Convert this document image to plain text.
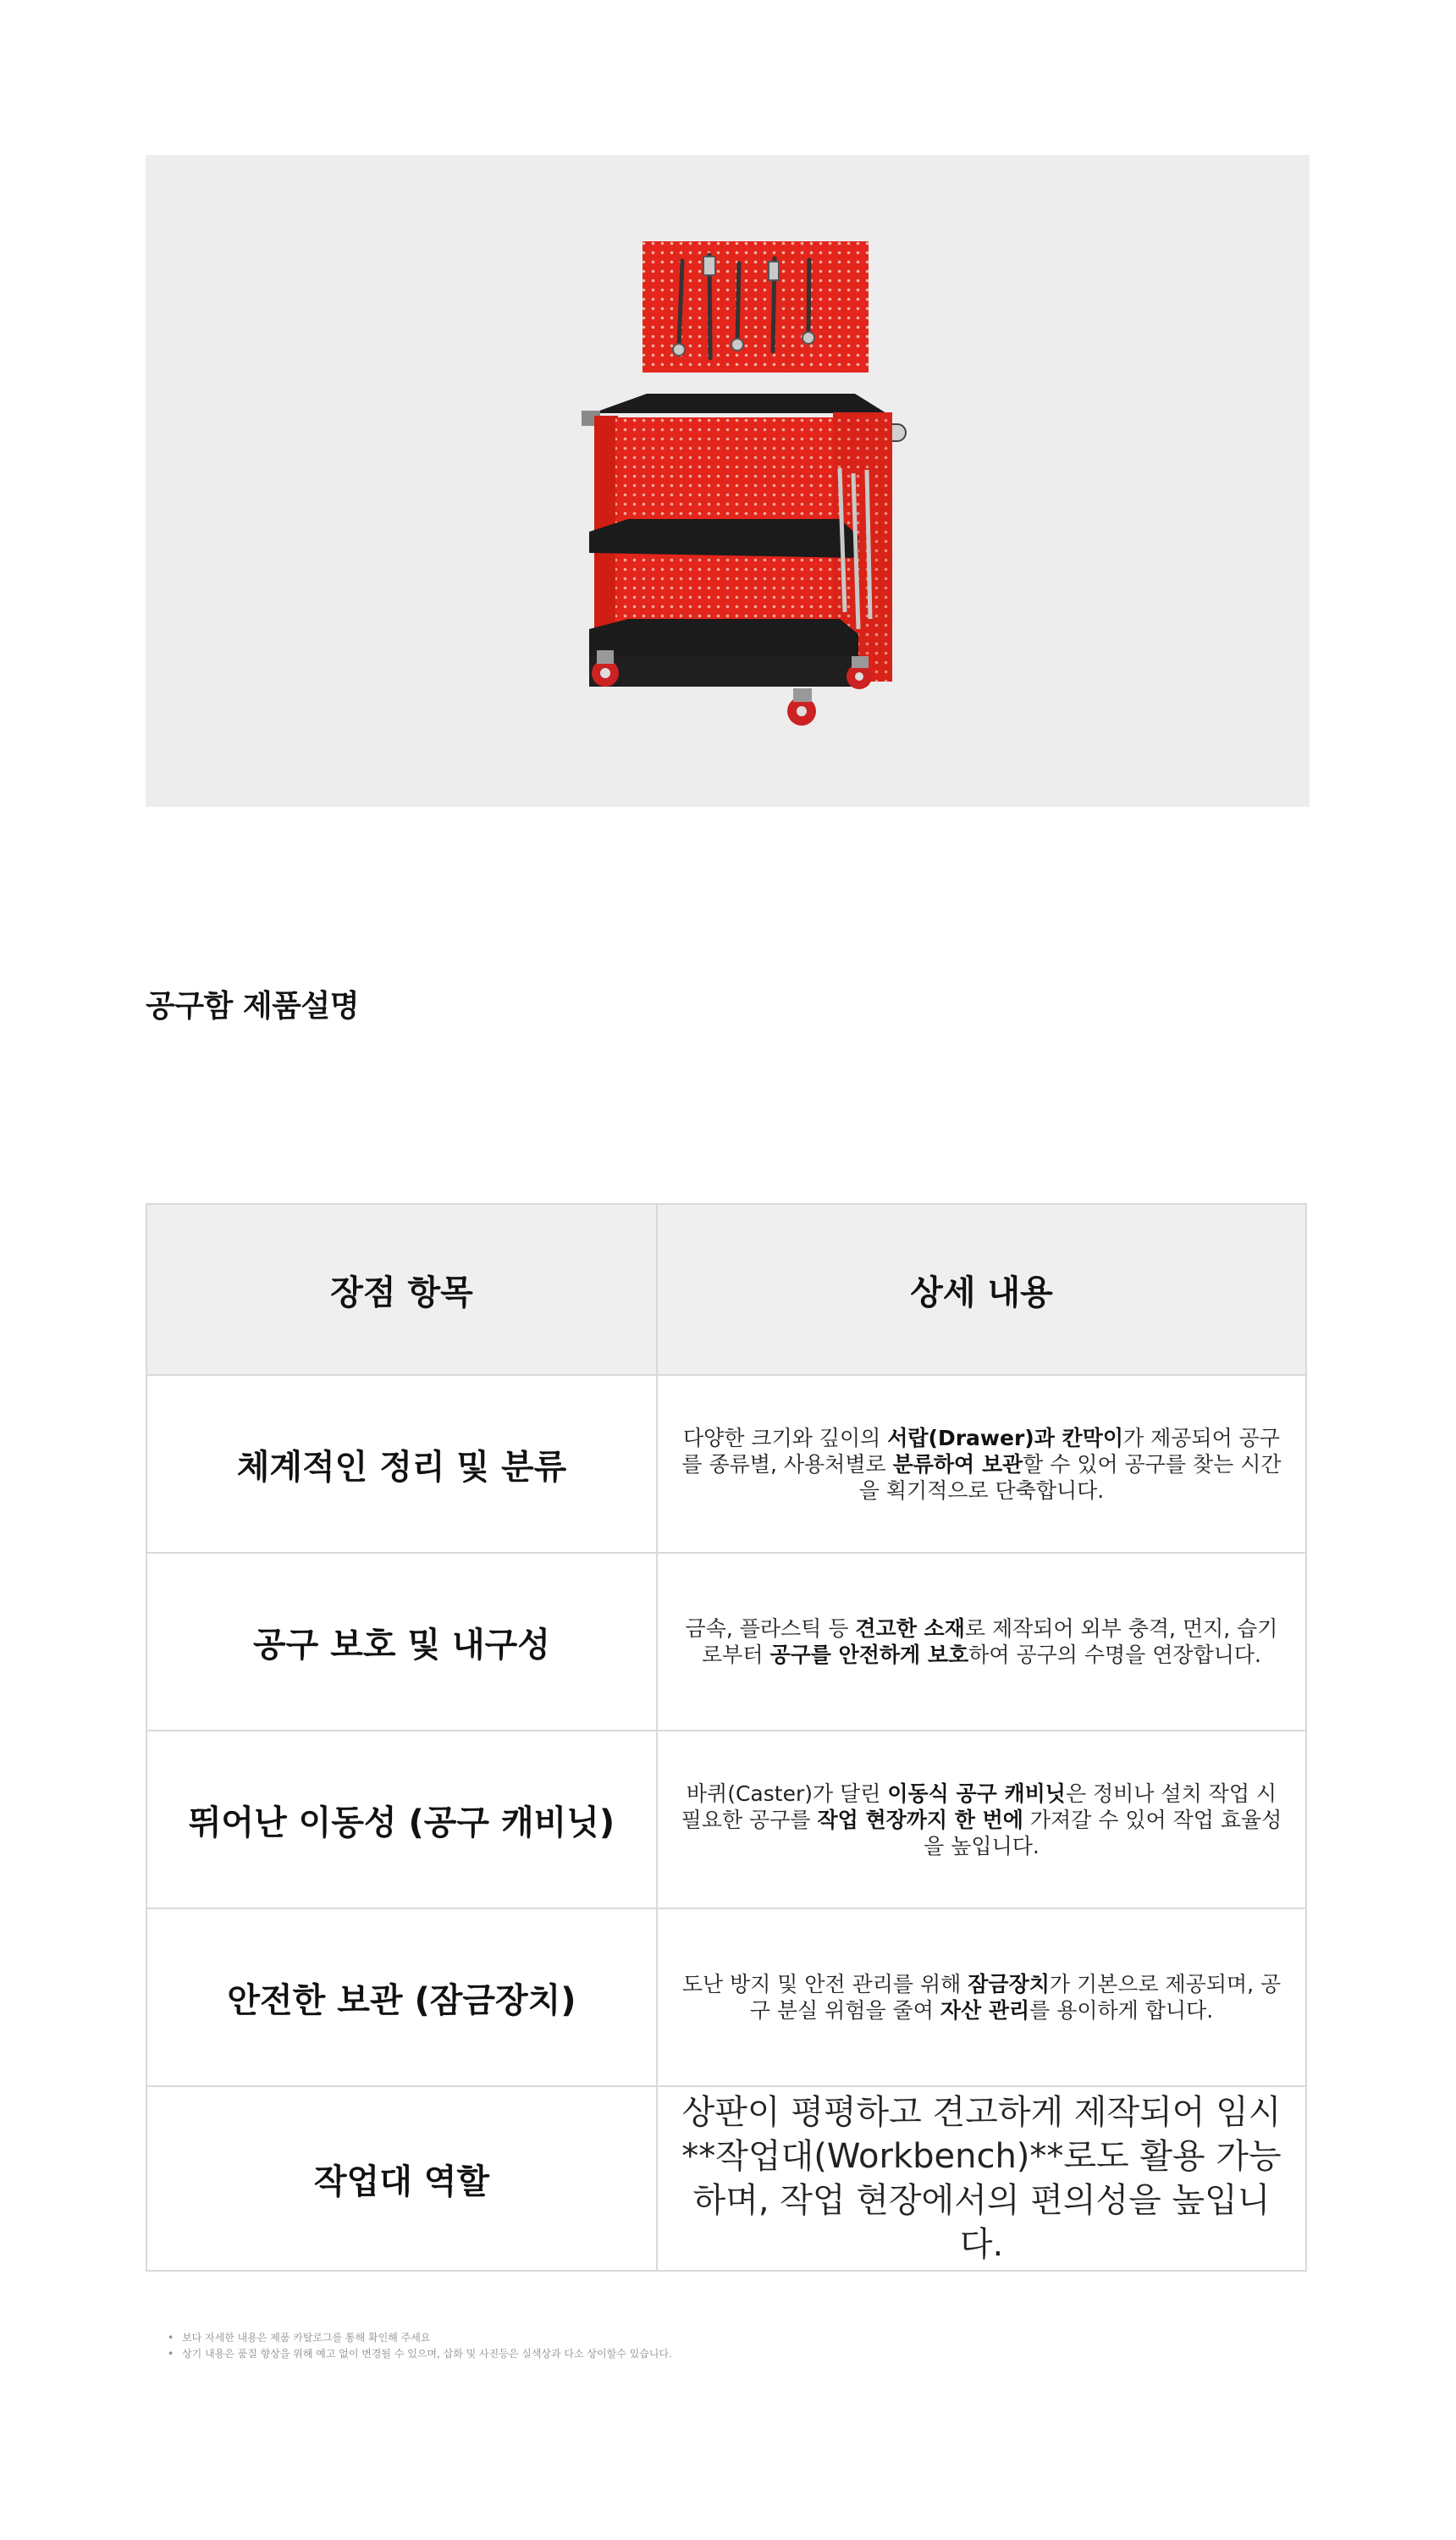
공구함 제품설명
장점 항목	상세 내용
체계적인 정리 및 분류	다양한 크기와 깊이의 서랍(Drawer)과 칸막이가 제공되어 공구를 종류별, 사용처별로 분류하여 보관할 수 있어 공구를 찾는 시간을 획기적으로 단축합니다.
공구 보호 및 내구성	금속, 플라스틱 등 견고한 소재로 제작되어 외부 충격, 먼지, 습기로부터 공구를 안전하게 보호하여 공구의 수명을 연장합니다.
뛰어난 이동성 (공구 캐비닛)	바퀴(Caster)가 달린 이동식 공구 캐비닛은 정비나 설치 작업 시 필요한 공구를 작업 현장까지 한 번에 가져갈 수 있어 작업 효율성을 높입니다.
안전한 보관 (잠금장치)	도난 방지 및 안전 관리를 위해 잠금장치가 기본으로 제공되며, 공구 분실 위험을 줄여 자산 관리를 용이하게 합니다.
작업대 역할	상판이 평평하고 견고하게 제작되어 임시 **작업대(Workbench)**로도 활용 가능하며, 작업 현장에서의 편의성을 높입니다.
• 보다 자세한 내용은 제품 카탈로그를 통해 확인해 주세요
• 상기 내용은 품질 향상을 위해 예고 없이 변경될 수 있으며, 삽화 및 사진등은 실색상과 다소 상이할수 있습니다.
